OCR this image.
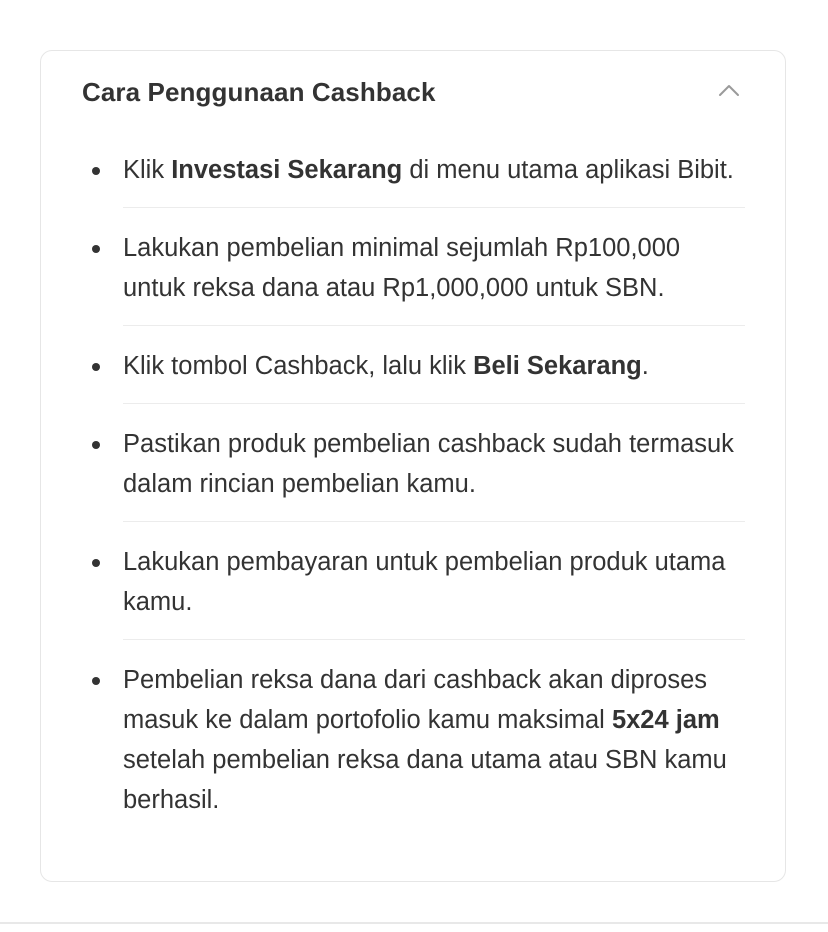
Cara Penggunaan Cashback
Klik Investasi Sekarang di menu utama aplikasi Bibit.
Lakukan pembelian minimal sejumlah Rp100,000 untuk reksa dana atau Rp1,000,000 untuk SBN.
Klik tombol Cashback, lalu klik Beli Sekarang.
Pastikan produk pembelian cashback sudah termasuk dalam rincian pembelian kamu.
Lakukan pembayaran untuk pembelian produk utama kamu.
Pembelian reksa dana dari cashback akan diproses masuk ke dalam portofolio kamu maksimal 5x24 jam setelah pembelian reksa dana utama atau SBN kamu berhasil.
